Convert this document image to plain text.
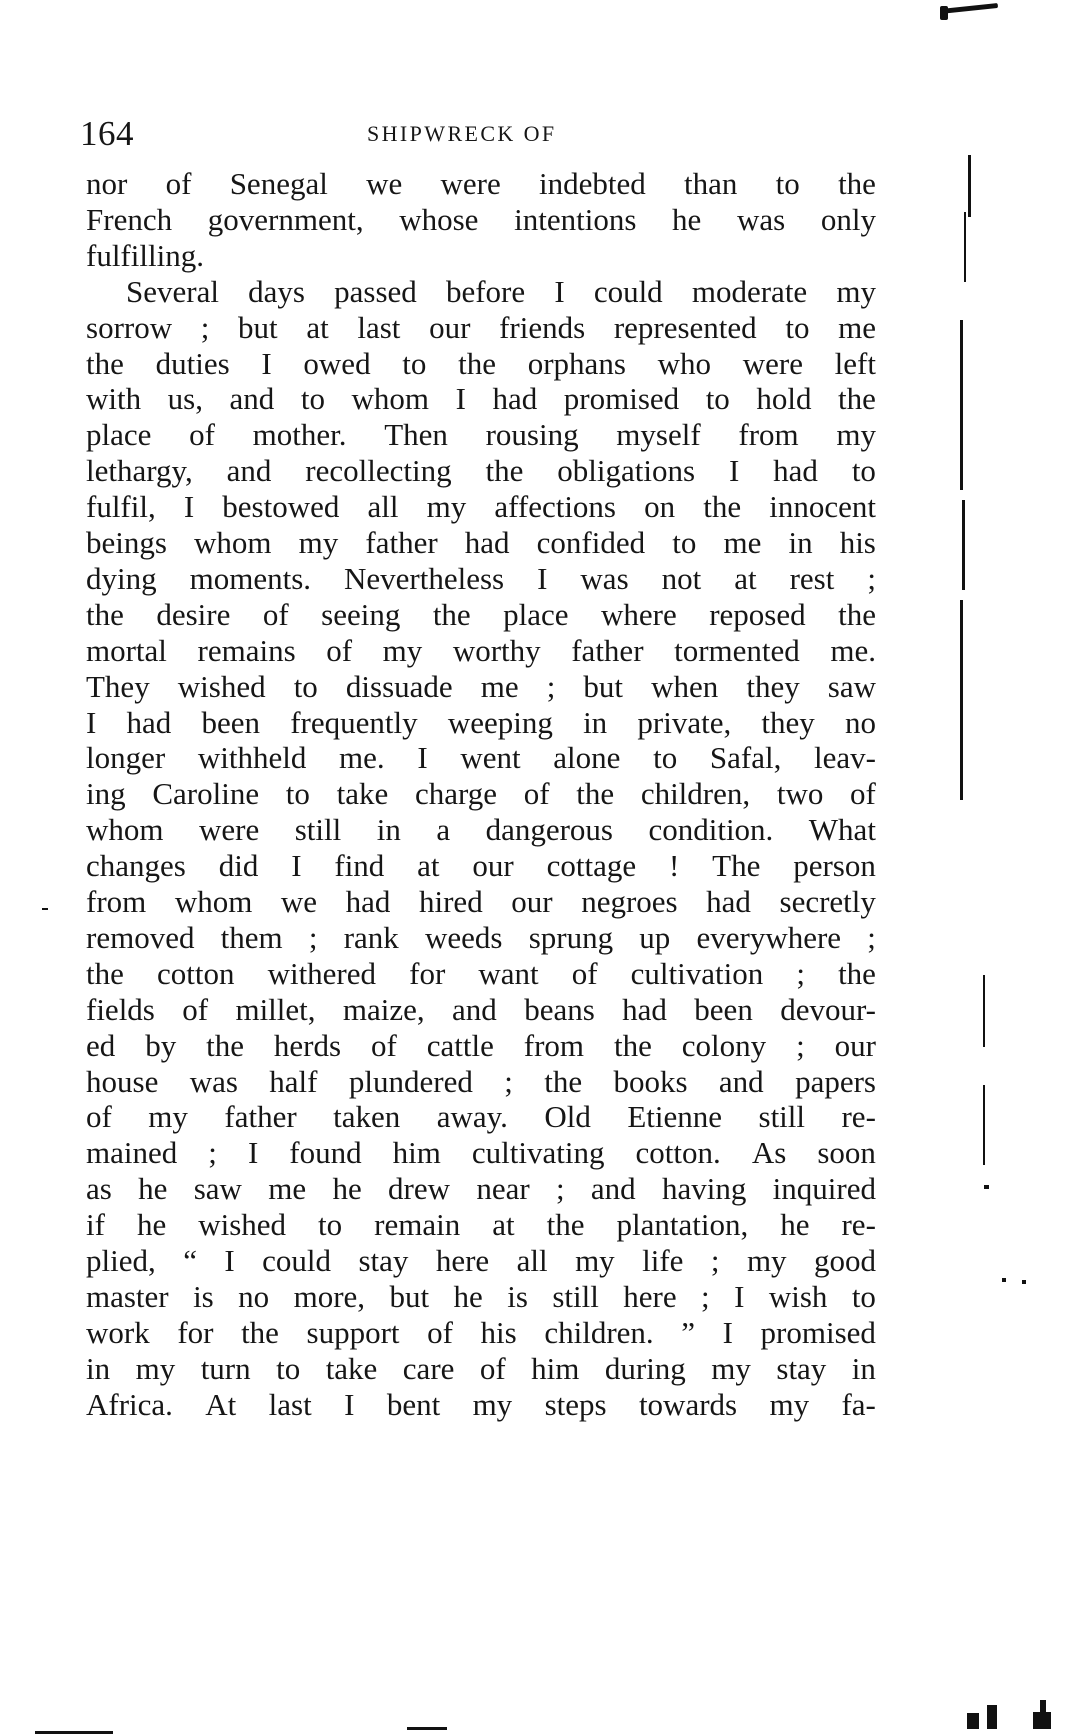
164	SHIPWRECK OF
nor of Senegal we were indebted than to the
French government, whose intentions he was only
fulfilling.
Several days passed before I could moderate my
sorrow ; but at last our friends represented to me
the duties I owed to the orphans who were left
with us, and to whom I had promised to hold the
place of mother. Then rousing myself from my
lethargy, and recollecting the obligations I had to
fulfil, I bestowed all my affections on the innocent
beings whom my father had confided to me in his
dying moments. Nevertheless I was not at rest ;
the desire of seeing the place where reposed the
mortal remains of my worthy father tormented me.
They wished to dissuade me ; but when they saw
I had been frequently weeping in private, they no
longer withheld me. I went alone to Safal, leav-
ing Caroline to take charge of the children, two of
whom were still in a dangerous condition. What
changes did I find at our cottage ! The person
from whom we had hired our negroes had secretly
removed them ; rank weeds sprung up everywhere ;
the cotton withered for want of cultivation ; the
fields of millet, maize, and beans had been devour-
ed by the herds of cattle from the colony ; our
house was half plundered ; the books and papers
of my father taken away. Old Etienne still re-
mained ; I found him cultivating cotton. As soon
as he saw me he drew near ; and having inquired
if he wished to remain at the plantation, he re-
plied, “ I could stay here all my life ; my good
master is no more, but he is still here ; I wish to
work for the support of his children. ” I promised
in my turn to take care of him during my stay in
Africa. At last I bent my steps towards my fa-
